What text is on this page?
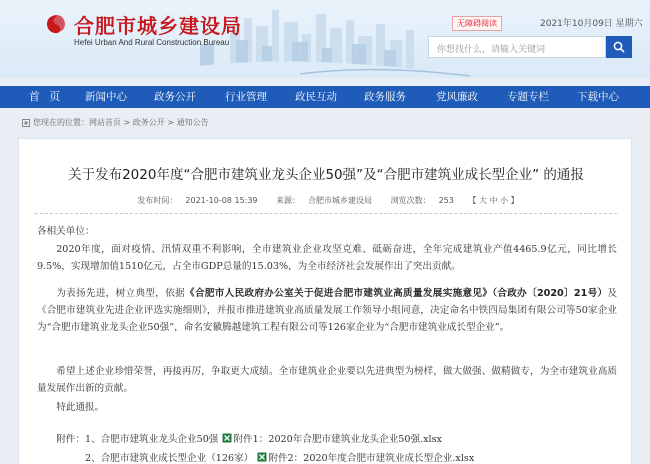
合肥市城乡建设局
Hefei Urban And Rural Construction Bureau
无障碍阅读	2021年10月09日 星期六
你想找什么，请输入关键词
首 页 新闻中心	政务公开	行业管理	政民互动	政务服务	党风廉政	专题专栏	下载中心
您现在的位置：网站首页 > 政务公开 > 通知公告
关于发布2020年度“合肥市建筑业龙头企业50强”及“合肥市建筑业成长型企业” 的通报
发布时间： 2021-10-08 15:39 来源： 合肥市城乡建设局 浏览次数： 253 【 大 中 小 】
各相关单位：
2020年度，面对疫情、汛情双重不利影响，全市建筑业企业攻坚克难、砥砺奋进，全年完成建筑业产值4465.9亿元，同比增长9.5%，实现增加值1510亿元，占全市GDP总量的15.03%，为全市经济社会发展作出了突出贡献。
为表扬先进，树立典型，依据《合肥市人民政府办公室关于促进合肥市建筑业高质量发展实施意见》（合政办〔2020〕21号）及《合肥市建筑业先进企业评选实施细则》，并报市推进建筑业高质量发展工作领导小组同意，决定命名中铁四局集团有限公司等50家企业为“合肥市建筑业龙头企业50强”，命名安徽腾越建筑工程有限公司等126家企业为“合肥市建筑业成长型企业”。
希望上述企业珍惜荣誉，再接再厉，争取更大成绩。全市建筑业企业要以先进典型为榜样，做大做强、做精做专，为全市建筑业高质量发展作出新的贡献。
特此通报。
附件：1、合肥市建筑业龙头企业50强 附件1：2020年合肥市建筑业龙头企业50强.xlsx
2、合肥市建筑业成长型企业（126家） 附件2：2020年度合肥市建筑业成长型企业.xlsx
